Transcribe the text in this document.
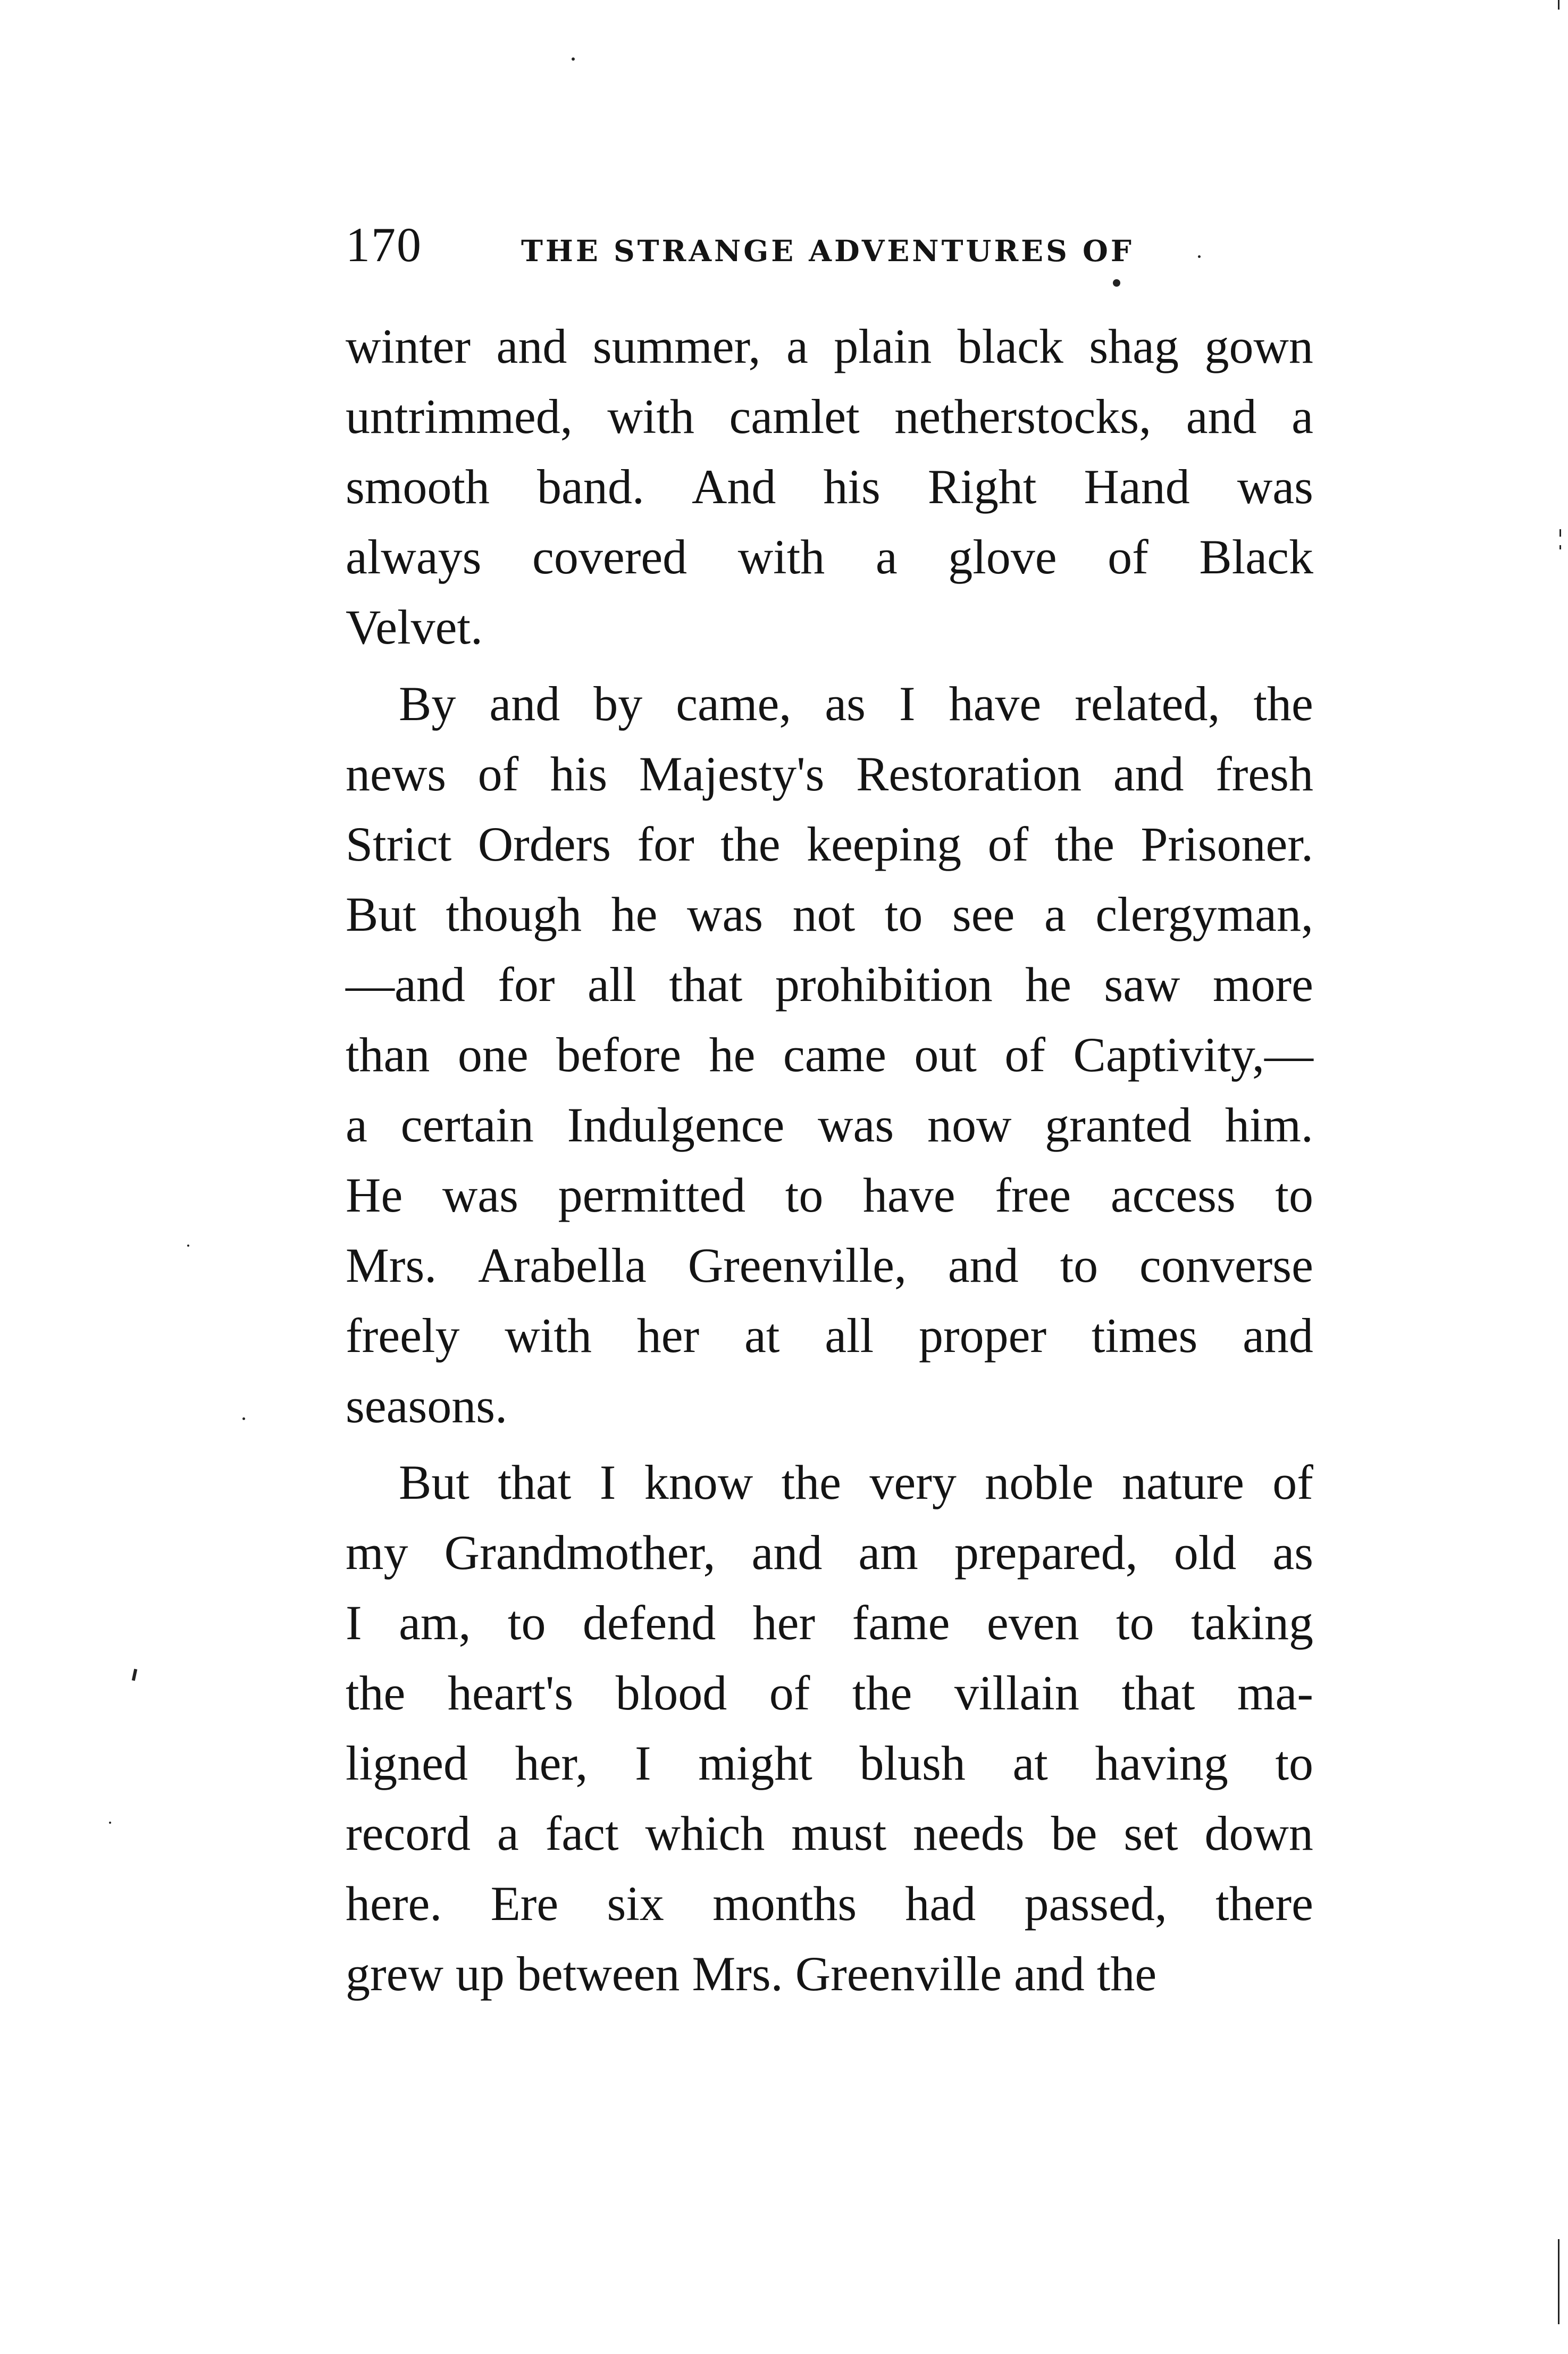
170	THE STRANGE ADVENTURES OF
winter and summer, a plain black shag gown
untrimmed, with camlet netherstocks, and a
smooth band. And his Right Hand was
always covered with a glove of Black
Velvet.
By and by came, as I have related, the
news of his Majesty's Restoration and fresh
Strict Orders for the keeping of the Prisoner.
But though he was not to see a clergyman,
—and for all that prohibition he saw more
than one before he came out of Captivity,—
a certain Indulgence was now granted him.
He was permitted to have free access to
Mrs. Arabella Greenville, and to converse
freely with her at all proper times and
seasons.
But that I know the very noble nature of
my Grandmother, and am prepared, old as
I am, to defend her fame even to taking
the heart's blood of the villain that ma-
ligned her, I might blush at having to
record a fact which must needs be set down
here. Ere six months had passed, there
grew up between Mrs. Greenville and the
